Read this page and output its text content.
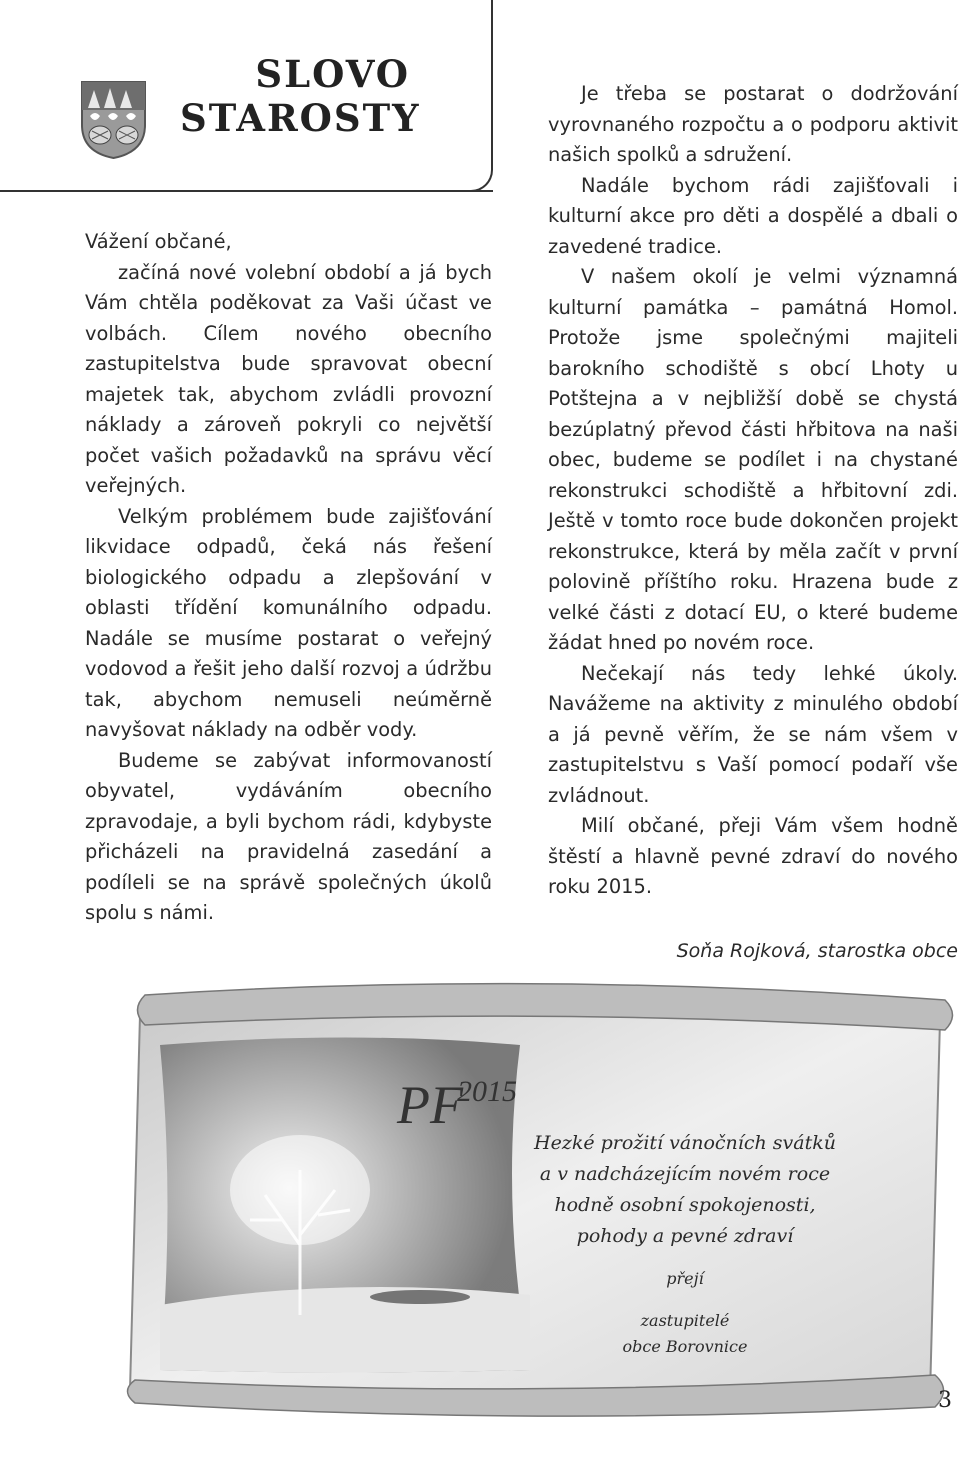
SLOVO
STAROSTY

Vážení občané,

začíná nové volební období a já bych Vám chtěla poděkovat za Vaši účast ve volbách. Cílem nového obecního zastupitelstva bude spravovat obecní majetek tak, abychom zvládli provozní náklady a zároveň pokryli co největší počet vašich požadavků na správu věcí veřejných.

Velkým problémem bude zajišťování likvidace odpadů, čeká nás řešení biologického odpadu a zlepšování v oblasti třídění komunálního odpadu. Nadále se musíme postarat o veřejný vodovod a řešit jeho další rozvoj a údržbu tak, abychom nemuseli neúměrně navyšovat náklady na odběr vody.

Budeme se zabývat informovaností obyvatel, vydáváním obecního zpravodaje, a byli bychom rádi, kdybyste přicházeli na pravidelná zasedání a podíleli se na správě společných úkolů spolu s námi.

Je třeba se postarat o dodržování vyrovnaného rozpočtu a o podporu aktivit našich spolků a sdružení.

Nadále bychom rádi zajišťovali i kulturní akce pro děti a dospělé a dbali o zavedené tradice.

V našem okolí je velmi významná kulturní památka – památná Homol. Protože jsme společnými majiteli barokního schodiště s obcí Lhoty u Potštejna a v nejbližší době se chystá bezúplatný převod části hřbitova na naši obec, budeme se podílet i na chystané rekonstrukci schodiště a hřbitovní zdi. Ještě v tomto roce bude dokončen projekt rekonstrukce, která by měla začít v první polovině příštího roku. Hrazena bude z velké části z dotací EU, o které budeme žádat hned po novém roce.

Nečekají nás tedy lehké úkoly. Navážeme na aktivity z minulého období a já pevně věřím, že se nám všem v zastupitelstvu s Vaší pomocí podaří vše zvládnout.

Milí občané, přeji Vám všem hodně štěstí a hlavně pevné zdraví do nového roku 2015.

Soňa Rojková, starostka obce
PF
2015
Hezké prožití vánočních svátků
a v nadcházejícím novém roce
hodně osobní spokojenosti,
pohody a pevné zdraví
přejí
zastupitelé
obce Borovnice
3
